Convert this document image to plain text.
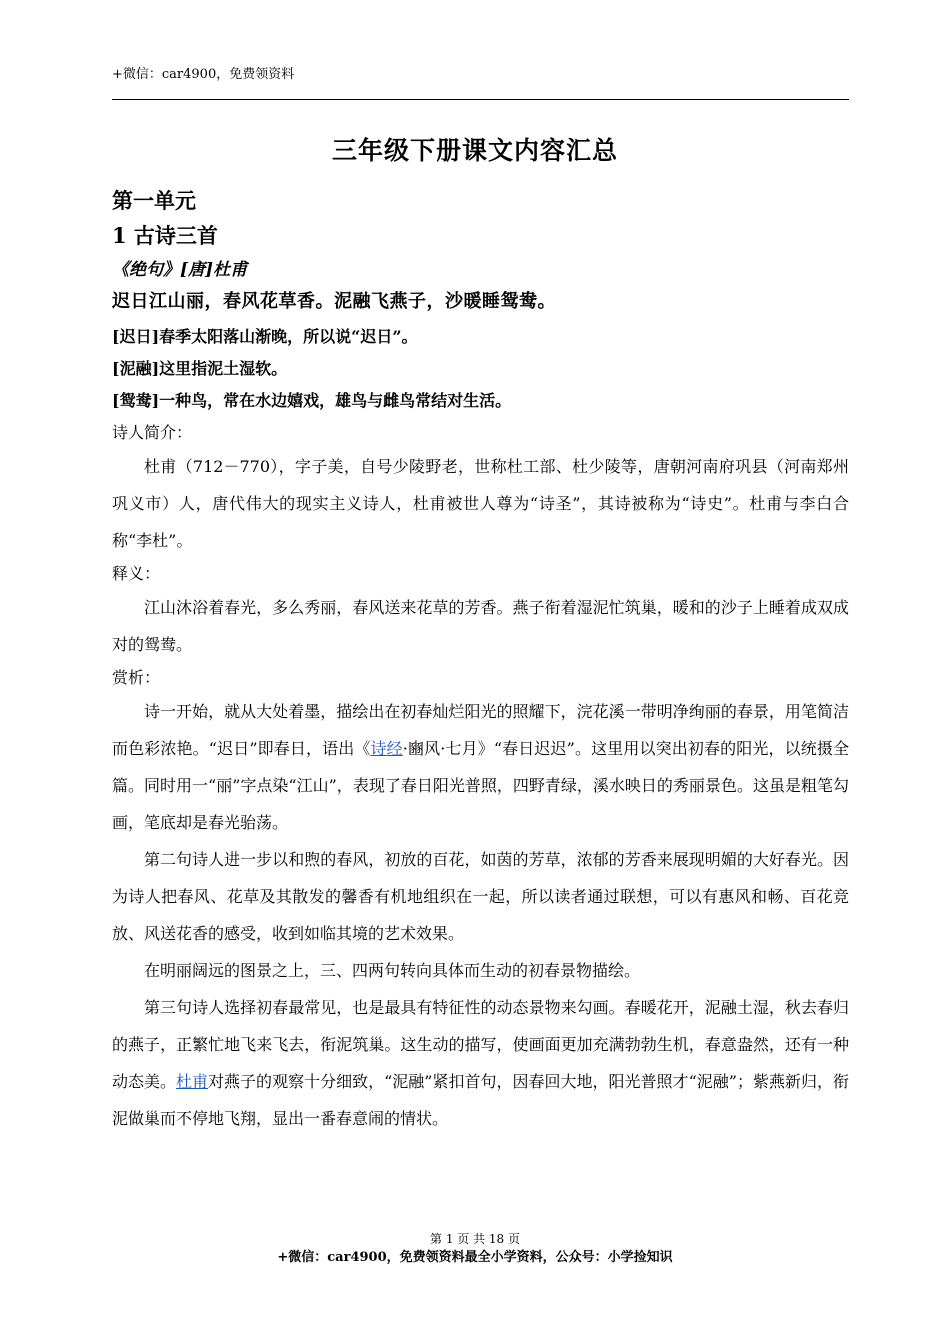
+微信：car4900，免费领资料
三年级下册课文内容汇总

第一单元

1 古诗三首

《绝句》[唐]杜甫

迟日江山丽，春风花草香。泥融飞燕子，沙暖睡鸳鸯。

[迟日]春季太阳落山渐晚，所以说“迟日”。

[泥融]这里指泥土湿软。

[鸳鸯]一种鸟，常在水边嬉戏，雄鸟与雌鸟常结对生活。

诗人简介：

杜甫（712－770），字子美，自号少陵野老，世称杜工部、杜少陵等，唐朝河南府巩县（河南郑州巩义市）人，唐代伟大的现实主义诗人，杜甫被世人尊为“诗圣”，其诗被称为“诗史”。杜甫与李白合称“李杜”。

释义：

江山沐浴着春光，多么秀丽，春风送来花草的芳香。燕子衔着湿泥忙筑巢，暖和的沙子上睡着成双成对的鸳鸯。

赏析：

诗一开始，就从大处着墨，描绘出在初春灿烂阳光的照耀下，浣花溪一带明净绚丽的春景，用笔简洁而色彩浓艳。“迟日”即春日，语出《诗经·豳风·七月》“春日迟迟”。这里用以突出初春的阳光，以统摄全篇。同时用一“丽”字点染“江山”，表现了春日阳光普照，四野青绿，溪水映日的秀丽景色。这虽是粗笔勾画，笔底却是春光骀荡。

第二句诗人进一步以和煦的春风，初放的百花，如茵的芳草，浓郁的芳香来展现明媚的大好春光。因为诗人把春风、花草及其散发的馨香有机地组织在一起，所以读者通过联想，可以有惠风和畅、百花竞放、风送花香的感受，收到如临其境的艺术效果。

在明丽阔远的图景之上，三、四两句转向具体而生动的初春景物描绘。

第三句诗人选择初春最常见，也是最具有特征性的动态景物来勾画。春暖花开，泥融土湿，秋去春归的燕子，正繁忙地飞来飞去，衔泥筑巢。这生动的描写，使画面更加充满勃勃生机，春意盎然，还有一种动态美。杜甫对燕子的观察十分细致，“泥融”紧扣首句，因春回大地，阳光普照才“泥融”；紫燕新归，衔泥做巢而不停地飞翔，显出一番春意闹的情状。

第 1 页 共 18 页
+微信：car4900，免费领资料最全小学资料，公众号：小学捡知识
